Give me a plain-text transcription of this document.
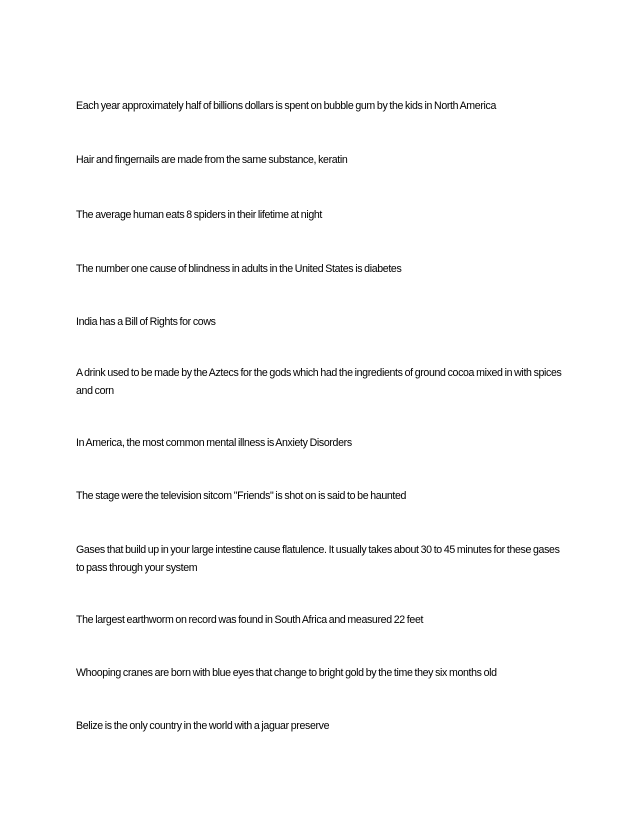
Each year approximately half of billions dollars is spent on bubble gum by the kids in North America

Hair and fingernails are made from the same substance, keratin

The average human eats 8 spiders in their lifetime at night

The number one cause of blindness in adults in the United States is diabetes

India has a Bill of Rights for cows

A drink used to be made by the Aztecs for the gods which had the ingredients of ground cocoa mixed in with spices and corn

In America, the most common mental illness is Anxiety Disorders

The stage were the television sitcom "Friends" is shot on is said to be haunted

Gases that build up in your large intestine cause flatulence. It usually takes about 30 to 45 minutes for these gases to pass through your system

The largest earthworm on record was found in South Africa and measured 22 feet

Whooping cranes are born with blue eyes that change to bright gold by the time they six months old

Belize is the only country in the world with a jaguar preserve
